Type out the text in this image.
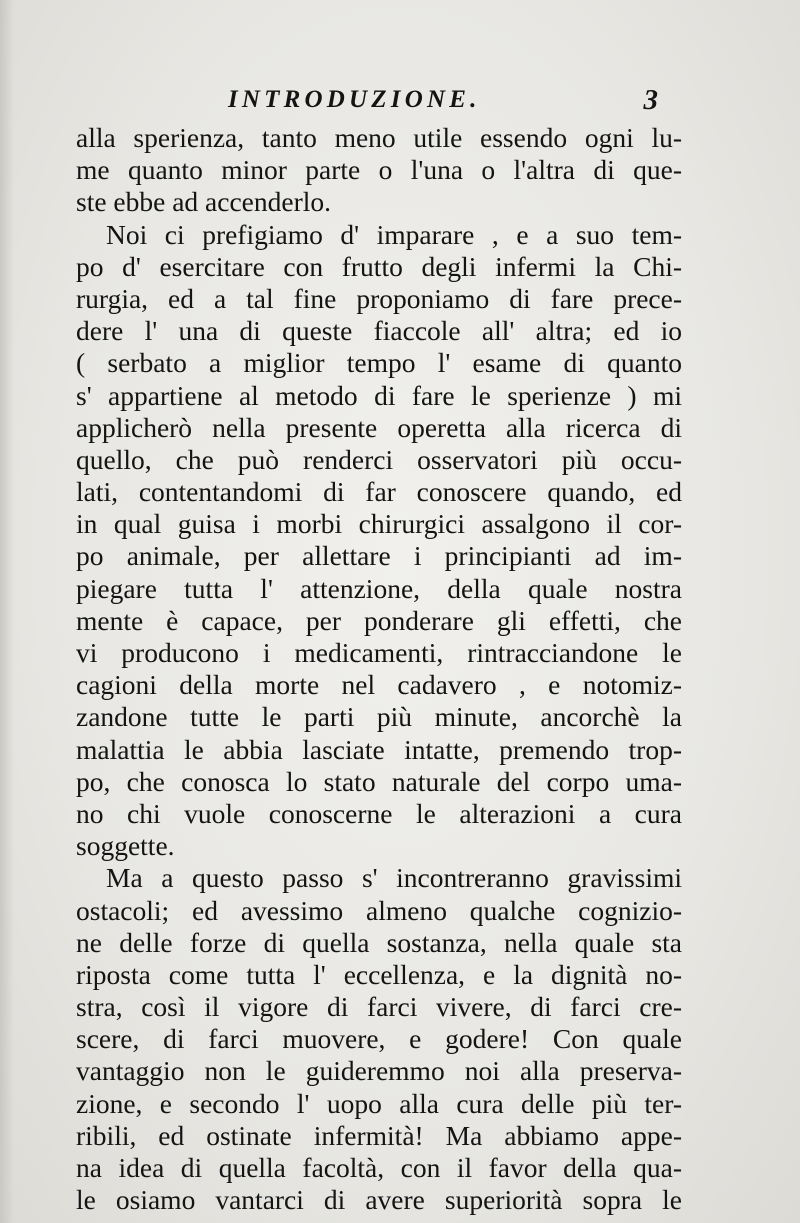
INTRODUZIONE.	3
alla sperienza, tanto meno utile essendo ogni lu-
me quanto minor parte o l'una o l'altra di que-
ste ebbe ad accenderlo.
Noi ci prefigiamo d' imparare , e a suo tem-
po d' esercitare con frutto degli infermi la Chi-
rurgia, ed a tal fine proponiamo di fare prece-
dere l' una di queste fiaccole all' altra; ed io
( serbato a miglior tempo l' esame di quanto
s' appartiene al metodo di fare le sperienze ) mi
applicherò nella presente operetta alla ricerca di
quello, che può renderci osservatori più occu-
lati, contentandomi di far conoscere quando, ed
in qual guisa i morbi chirurgici assalgono il cor-
po animale, per allettare i principianti ad im-
piegare tutta l' attenzione, della quale nostra
mente è capace, per ponderare gli effetti, che
vi producono i medicamenti, rintracciandone le
cagioni della morte nel cadavero , e notomiz-
zandone tutte le parti più minute, ancorchè la
malattia le abbia lasciate intatte, premendo trop-
po, che conosca lo stato naturale del corpo uma-
no chi vuole conoscerne le alterazioni a cura
soggette.
Ma a questo passo s' incontreranno gravissimi
ostacoli; ed avessimo almeno qualche cognizio-
ne delle forze di quella sostanza, nella quale sta
riposta come tutta l' eccellenza, e la dignità no-
stra, così il vigore di farci vivere, di farci cre-
scere, di farci muovere, e godere! Con quale
vantaggio non le guideremmo noi alla preserva-
zione, e secondo l' uopo alla cura delle più ter-
ribili, ed ostinate infermità! Ma abbiamo appe-
na idea di quella facoltà, con il favor della qua-
le osiamo vantarci di avere superiorità sopra le
